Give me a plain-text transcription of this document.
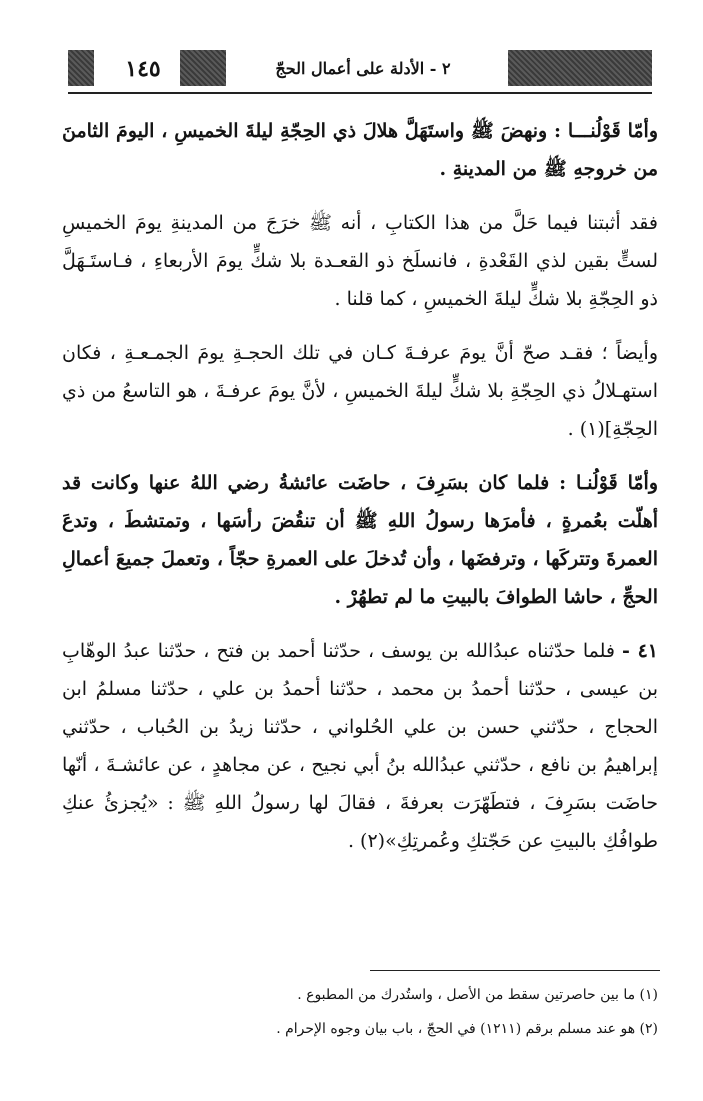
١٤٥	٢ - الأدلة على أعمال الحجّ

وأمّا قَوْلُنـــا : ونهضَ ﷺ واستَهَلَّ هلالَ ذي الحِجّةِ ليلةَ الخميسِ ، اليومَ الثامنَ من خروجهِ ﷺ من المدينةِ .

فقد أثبتنا فيما حَلَّ من هذا الكتابِ ، أنه ﷺ خرَجَ من المدينةِ يومَ الخميسِ لستٍّ بقين لذي القَعْدةِ ، فانسلَخ ذو القعـدة بلا شكٍّ يومَ الأربعاءِ ، فـاستَـهَلَّ ذو الحِجّةِ بلا شكٍّ ليلةَ الخميسِ ، كما قلنا .

وأيضاً ؛ فقـد صحّ أنَّ يومَ عرفـةَ كـان في تلك الحجـةِ يومَ الجمـعـةِ ، فكان استهـلالُ ذي الحِجّةِ بلا شكٍّ ليلةَ الخميسِ ، لأنَّ يومَ عرفـةَ ، هو التاسعُ من ذي الحِجّةِ](١) .

وأمّا قَوْلُنـا : فلما كان بسَرِفَ ، حاضَت عائشةُ رضي اللهُ عنها وكانت قد أهلّت بعُمرةٍ ، فأمرَها رسولُ اللهِ ﷺ أن تنقُضَ رأسَها ، وتمتشطَ ، وتدعَ العمرةَ وتتركَها ، وترفضَها ، وأن تُدخلَ على العمرةِ حجّاً ، وتعملَ جميعَ أعمالِ الحجِّ ، حاشا الطوافَ بالبيتِ ما لم تطهُرْ .

٤١ - فلما حدّثناه عبدُالله بن يوسف ، حدّثنا أحمد بن فتح ، حدّثنا عبدُ الوهّابِ بن عيسى ، حدّثنا أحمدُ بن محمد ، حدّثنا أحمدُ بن علي ، حدّثنا مسلمُ ابن الحجاج ، حدّثني حسن بن علي الحُلواني ، حدّثنا زيدُ بن الحُباب ، حدّثني إبراهيمُ بن نافع ، حدّثني عبدُالله بنُ أبي نجيح ، عن مجاهدٍ ، عن عائشـةَ ، أنّها حاضَت بسَرِفَ ، فتطَهّرَت بعرفةَ ، فقالَ لها رسولُ اللهِ ﷺ : «يُجزئُ عنكِ طوافُكِ بالبيتِ عن حَجّتكِ وعُمرتِكِ»(٢) .

(١) ما بين حاصرتين سقط من الأصل ، واستُدرك من المطبوع .

(٢) هو عند مسلم برقم (١٢١١) في الحجّ ، باب بيان وجوه الإحرام .
